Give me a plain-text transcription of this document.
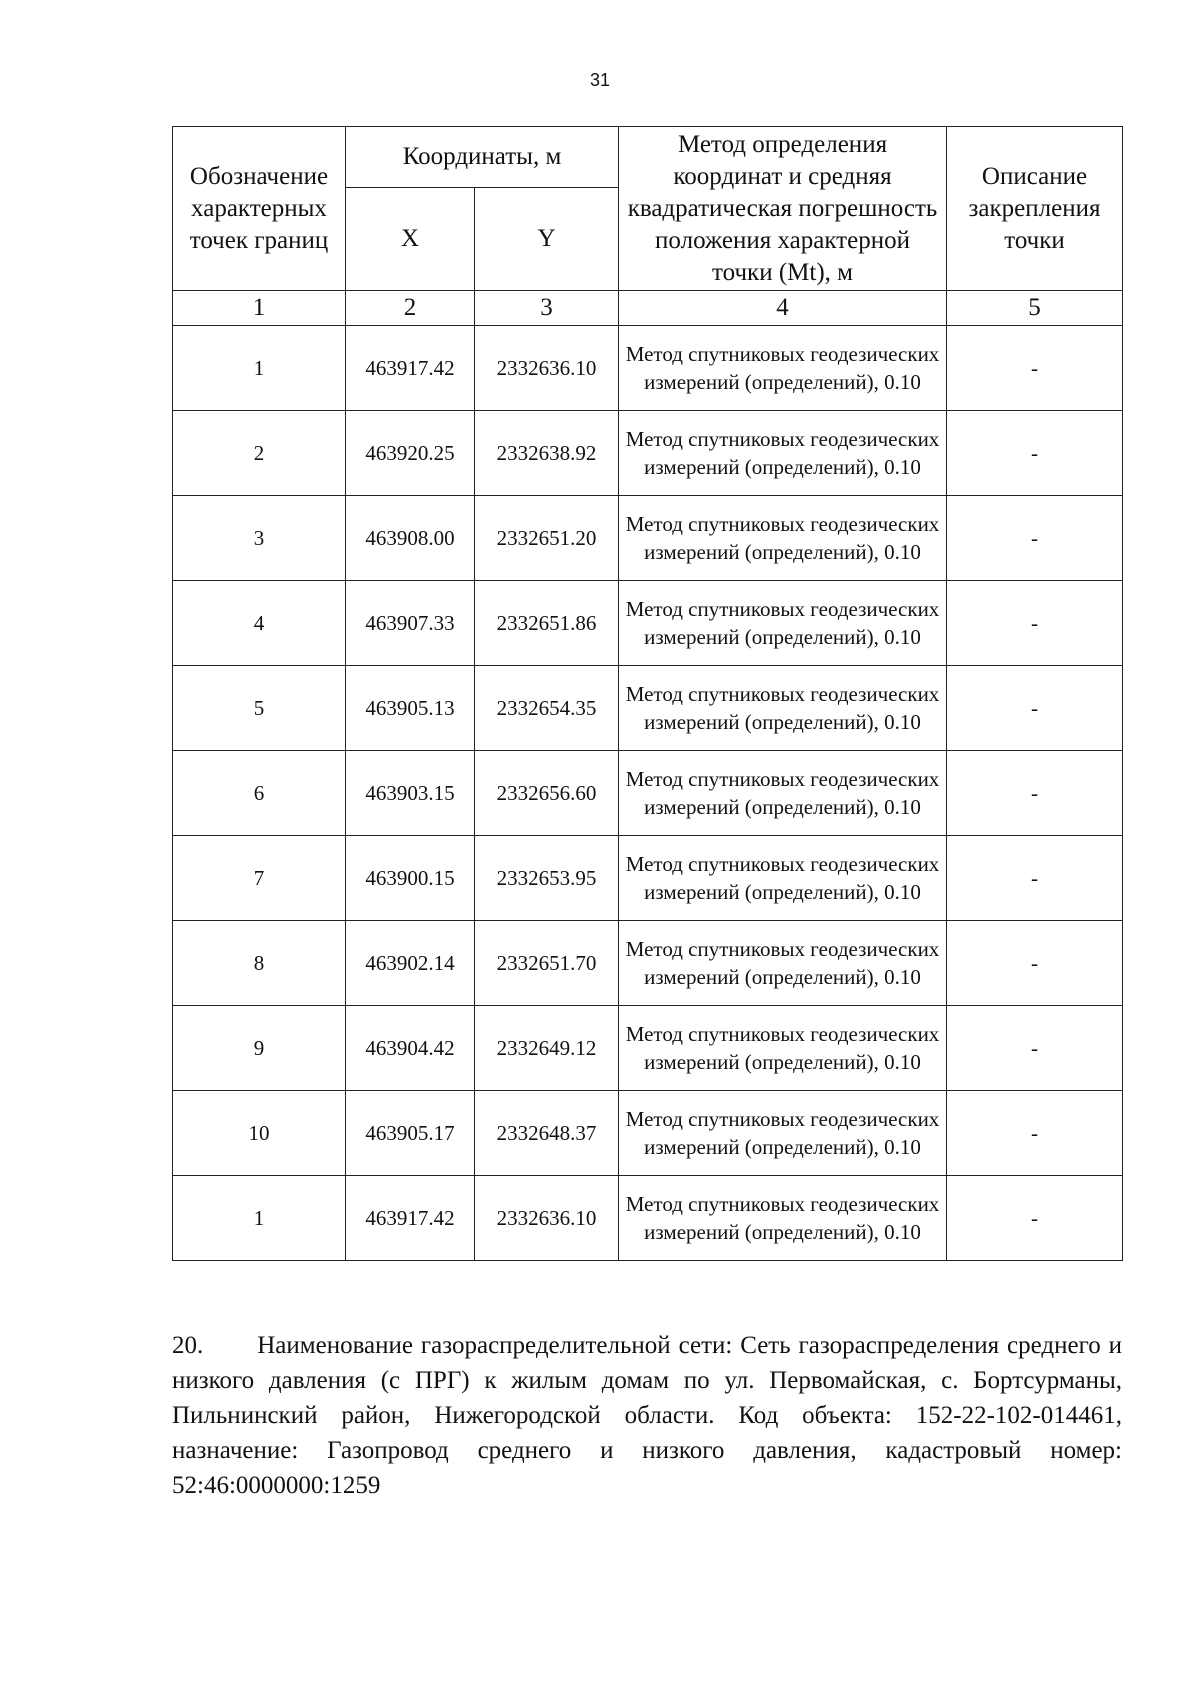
31
Обозначение характерных точек границ	Координаты, м		Метод определения координат и средняя квадратическая погрешность положения характерной точки (Mt), м	Описание закрепления точки
	X	Y		
1	2	3	4	5
1	463917.42	2332636.10	Метод спутниковых геодезических измерений (определений), 0.10	-
2	463920.25	2332638.92	Метод спутниковых геодезических измерений (определений), 0.10	-
3	463908.00	2332651.20	Метод спутниковых геодезических измерений (определений), 0.10	-
4	463907.33	2332651.86	Метод спутниковых геодезических измерений (определений), 0.10	-
5	463905.13	2332654.35	Метод спутниковых геодезических измерений (определений), 0.10	-
6	463903.15	2332656.60	Метод спутниковых геодезических измерений (определений), 0.10	-
7	463900.15	2332653.95	Метод спутниковых геодезических измерений (определений), 0.10	-
8	463902.14	2332651.70	Метод спутниковых геодезических измерений (определений), 0.10	-
9	463904.42	2332649.12	Метод спутниковых геодезических измерений (определений), 0.10	-
10	463905.17	2332648.37	Метод спутниковых геодезических измерений (определений), 0.10	-
1	463917.42	2332636.10	Метод спутниковых геодезических измерений (определений), 0.10	-
20. Наименование газораспределительной сети: Сеть газораспределения среднего и низкого давления (с ПРГ) к жилым домам по ул. Первомайская, с. Бортсурманы, Пильнинский район, Нижегородской области. Код объекта: 152-22-102-014461, назначение: Газопровод среднего и низкого давления, кадастровый номер: 52:46:0000000:1259
